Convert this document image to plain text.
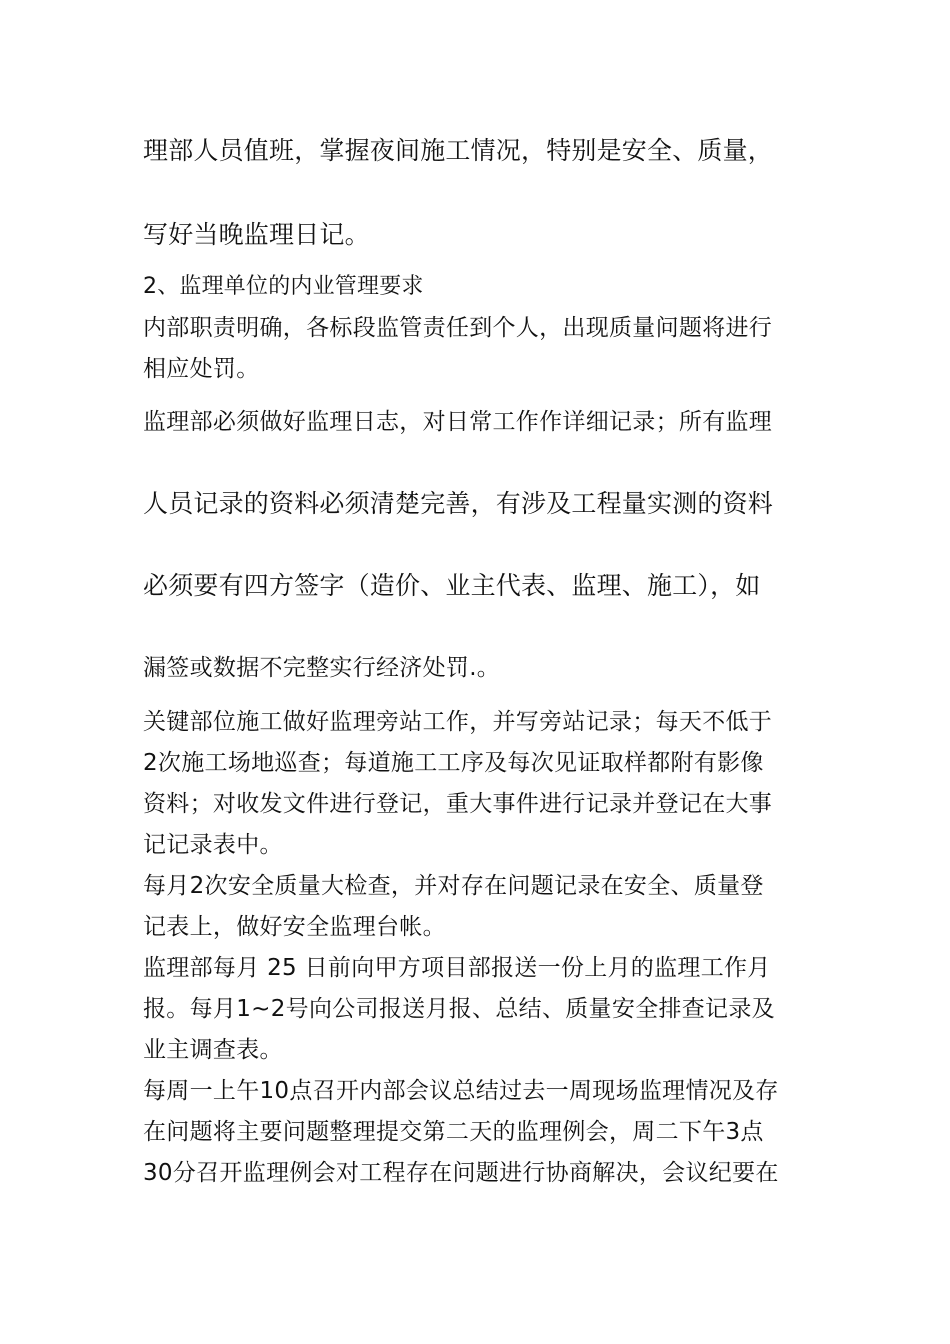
理部人员值班，掌握夜间施工情况，特别是安全、质量，
写好当晚监理日记。
2、监理单位的内业管理要求
内部职责明确，各标段监管责任到个人，出现质量问题将进行
相应处罚。
监理部必须做好监理日志，对日常工作作详细记录；所有监理
人员记录的资料必须清楚完善，有涉及工程量实测的资料
必须要有四方签字（造价、业主代表、监理、施工），如
漏签或数据不完整实行经济处罚.。
关键部位施工做好监理旁站工作，并写旁站记录；每天不低于
2次施工场地巡查；每道施工工序及每次见证取样都附有影像
资料；对收发文件进行登记，重大事件进行记录并登记在大事
记记录表中。
每月2次安全质量大检查，并对存在问题记录在安全、质量登
记表上，做好安全监理台帐。
监理部每月 25 日前向甲方项目部报送一份上月的监理工作月
报。每月1~2号向公司报送月报、总结、质量安全排查记录及
业主调查表。
每周一上午10点召开内部会议总结过去一周现场监理情况及存
在问题将主要问题整理提交第二天的监理例会，周二下午3点
30分召开监理例会对工程存在问题进行协商解决，会议纪要在
